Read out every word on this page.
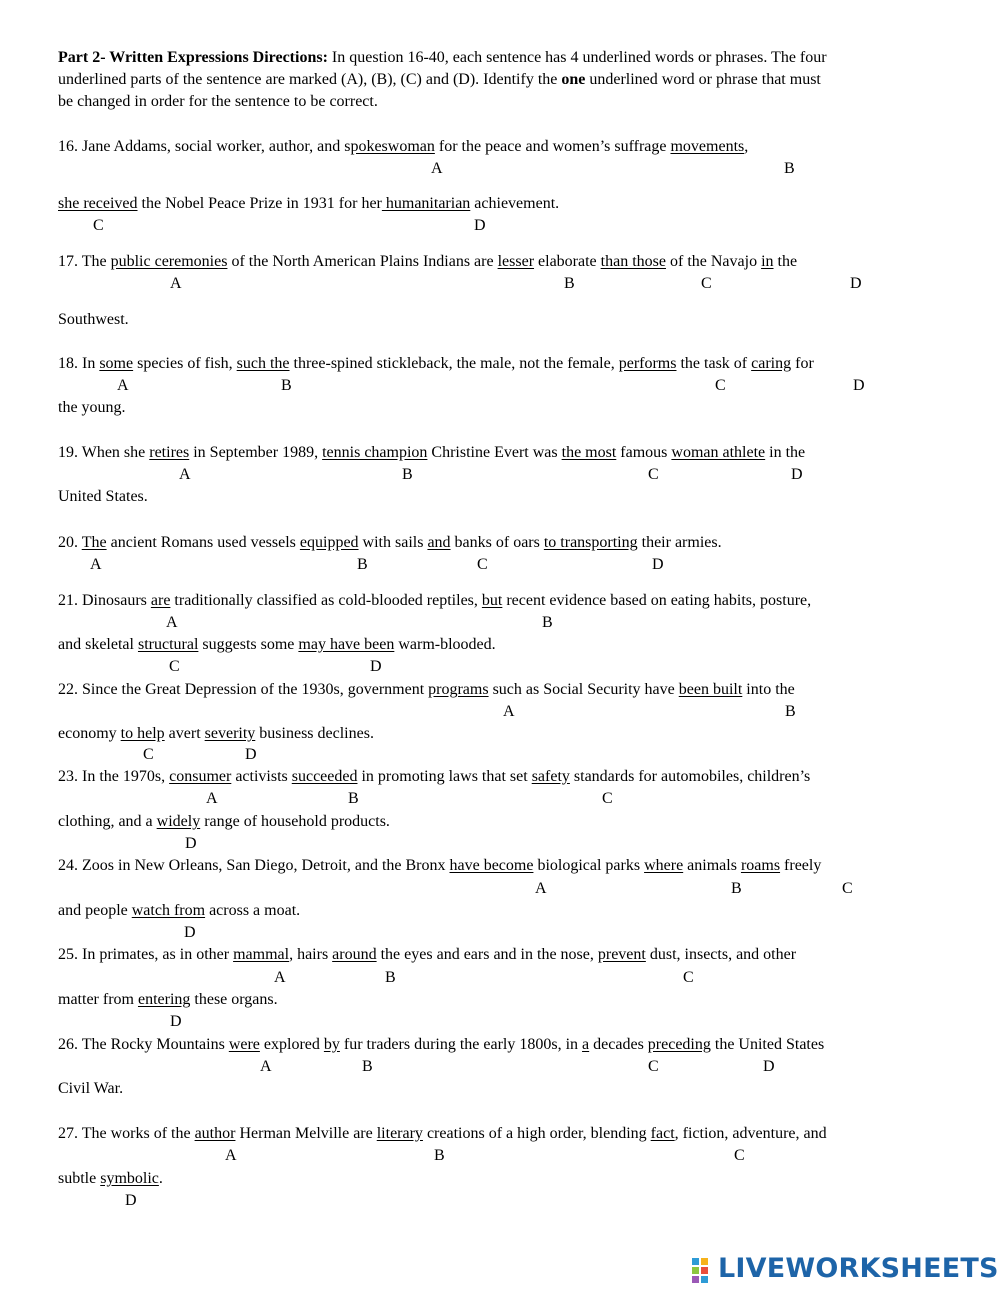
Part 2- Written Expressions Directions: In question 16-40, each sentence has 4 underlined words or phrases. The four
underlined parts of the sentence are marked (A), (B), (C) and (D). Identify the one underlined word or phrase that must
be changed in order for the sentence to be correct.
16. Jane Addams, social worker, author, and spokeswoman for the peace and women’s suffrage movements,
A	B
she received the Nobel Peace Prize in 1931 for her humanitarian achievement.
C	D
17. The public ceremonies of the North American Plains Indians are lesser elaborate than those of the Navajo in the
A	B	C	D
Southwest.
18. In some species of fish, such the three-spined stickleback, the male, not the female, performs the task of caring for
A	B	C	D
the young.
19. When she retires in September 1989, tennis champion Christine Evert was the most famous woman athlete in the
A	B	C	D
United States.
20. The ancient Romans used vessels equipped with sails and banks of oars to transporting their armies.
A	B	C	D
21. Dinosaurs are traditionally classified as cold-blooded reptiles, but recent evidence based on eating habits, posture,
A	B
and skeletal structural suggests some may have been warm-blooded.
C	D
22. Since the Great Depression of the 1930s, government programs such as Social Security have been built into the
A	B
economy to help avert severity business declines.
C	D
23. In the 1970s, consumer activists succeeded in promoting laws that set safety standards for automobiles, children’s
A	B	C
clothing, and a widely range of household products.
D
24. Zoos in New Orleans, San Diego, Detroit, and the Bronx have become biological parks where animals roams freely
A	B	C
and people watch from across a moat.
D
25. In primates, as in other mammal, hairs around the eyes and ears and in the nose, prevent dust, insects, and other
A	B	C
matter from entering these organs.
D
26. The Rocky Mountains were explored by fur traders during the early 1800s, in a decades preceding the United States
A	B	C	D
Civil War.
27. The works of the author Herman Melville are literary creations of a high order, blending fact, fiction, adventure, and
A	B	C
subtle symbolic.
D
LIVEWORKSHEETS
